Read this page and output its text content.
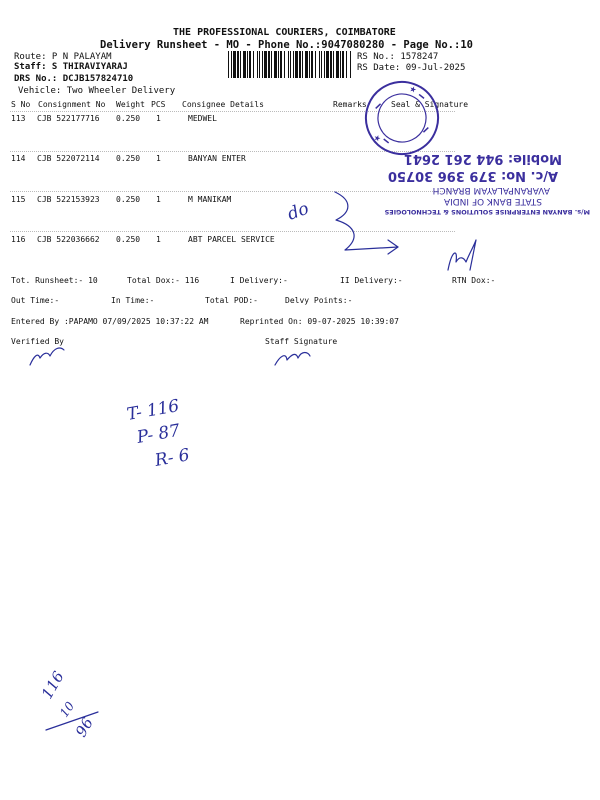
THE PROFESSIONAL COURIERS, COIMBATORE
Delivery Runsheet - MO - Phone No.:9047080280 - Page No.:10
Route: P N PALAYAM
Staff: S THIRAVIYARAJ
DRS No.: DCJB157824710
Vehicle: Two Wheeler Delivery
RS No.: 1578247
RS Date: 09-Jul-2025
S No Consignment No Weight PCS Consignee Details	Remarks	Seal & Signature
113 CJB 522177716 0.250 1	MEDWEL
114 CJB 522072114 0.250 1	BANYAN ENTER
115 CJB 522153923 0.250 1	M MANIKAM
116 CJB 522036662 0.250 1	ABT PARCEL SERVICE
Tot. Runsheet:- 10	Total Dox:- 116	I Delivery:-	II Delivery:-	RTN Dox:-
Out Time:-	In Time:-	Total POD:-	Delvy Points:-
Entered By :PAPAMO 07/09/2025 10:37:22 AM	Reprinted On: 09-07-2025 10:39:07
Verified By	Staff Signature
★
★
M/s. BANYAN ENTERPRISE SOLUTIONS & TECHNOLOGIES
STATE BANK OF INDIA
AVARANPALAYAM BRANCH
A/c. No: 379 396 30750
Mobile: 944 261 2641
do
T- 116
P- 87
R- 6
116
10
96
